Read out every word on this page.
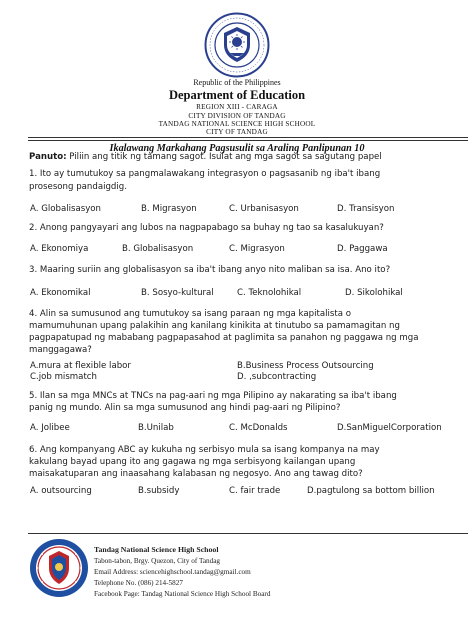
Republic of the Philippines
Department of Education
REGION XIII - CARAGA
CITY DIVISION OF TANDAG
TANDAG NATIONAL SCIENCE HIGH SCHOOL
CITY OF TANDAG
Ikalawang Markahang Pagsusulit sa Araling Panlipunan 10
Panuto: Piliin ang titik ng tamang sagot. Isulat ang mga sagot sa sagutang papel
1. Ito ay tumutukoy sa pangmalawakang integrasyon o pagsasanib ng iba't ibang
prosesong pandaigdig.
A. Globalisasyon	B. Migrasyon	C. Urbanisasyon	D. Transisyon
2. Anong pangyayari ang lubos na nagpapabago sa buhay ng tao sa kasalukuyan?
A. Ekonomiya	B. Globalisasyon	C. Migrasyon	D. Paggawa
3. Maaring suriin ang globalisasyon sa iba't ibang anyo nito maliban sa isa. Ano ito?
A. Ekonomikal	B. Sosyo-kultural	C. Teknolohikal	D. Sikolohikal
4. Alin sa sumusunod ang tumutukoy sa isang paraan ng mga kapitalista o
mamumuhunan upang palakihin ang kanilang kinikita at tinutubo sa pamamagitan ng
pagpapatupad ng mababang pagpapasahod at paglimita sa panahon ng paggawa ng mga
manggagawa?
A.mura at flexible labor	B.Business Process Outsourcing
C.job mismatch	D. ,subcontracting
5. Ilan sa mga MNCs at TNCs na pag-aari ng mga Pilipino ay nakarating sa iba't ibang
panig ng mundo. Alin sa mga sumusunod ang hindi pag-aari ng Pilipino?
A. Jolibee	B.Unilab	C. McDonalds	D.SanMiguelCorporation
6. Ang kompanyang ABC ay kukuha ng serbisyo mula sa isang kompanya na may
kakulang bayad upang ito ang gagawa ng mga serbisyong kailangan upang
maisakatuparan ang inaasahang kalabasan ng negosyo. Ano ang tawag dito?
A. outsourcing	B.subsidy	C. fair trade	D.pagtulong sa bottom billion
Tandag National Science High School
Tabon-tabon, Brgy. Quezon, City of Tandag
Email Address: sciencehighschool.tandag@gmail.com
Telephone No. (086) 214-5827
Facebook Page: Tandag National Science High School Board
